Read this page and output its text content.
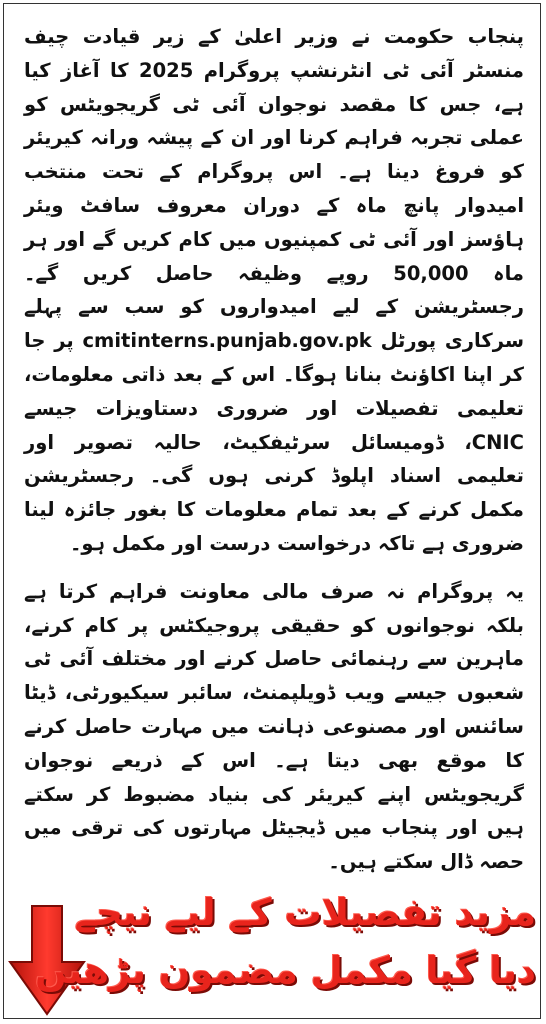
پنجاب حکومت نے وزیر اعلیٰ کے زیر قیادت چیف منسٹر آئی ٹی انٹرنشپ پروگرام 2025 کا آغاز کیا ہے، جس کا مقصد نوجوان آئی ٹی گریجویٹس کو عملی تجربہ فراہم کرنا اور ان کے پیشہ ورانہ کیریئر کو فروغ دینا ہے۔ اس پروگرام کے تحت منتخب امیدوار پانچ ماہ کے دوران معروف سافٹ ویئر ہاؤسز اور آئی ٹی کمپنیوں میں کام کریں گے اور ہر ماہ 50,000 روپے وظیفہ حاصل کریں گے۔ رجسٹریشن کے لیے امیدواروں کو سب سے پہلے سرکاری پورٹل cmitinterns.punjab.gov.pk پر جا کر اپنا اکاؤنٹ بنانا ہوگا۔ اس کے بعد ذاتی معلومات، تعلیمی تفصیلات اور ضروری دستاویزات جیسے CNIC، ڈومیسائل سرٹیفکیٹ، حالیہ تصویر اور تعلیمی اسناد اپلوڈ کرنی ہوں گی۔ رجسٹریشن مکمل کرنے کے بعد تمام معلومات کا بغور جائزہ لینا ضروری ہے تاکہ درخواست درست اور مکمل ہو۔

یہ پروگرام نہ صرف مالی معاونت فراہم کرتا ہے بلکہ نوجوانوں کو حقیقی پروجیکٹس پر کام کرنے، ماہرین سے رہنمائی حاصل کرنے اور مختلف آئی ٹی شعبوں جیسے ویب ڈویلپمنٹ، سائبر سیکیورٹی، ڈیٹا سائنس اور مصنوعی ذہانت میں مہارت حاصل کرنے کا موقع بھی دیتا ہے۔ اس کے ذریعے نوجوان گریجویٹس اپنے کیریئر کی بنیاد مضبوط کر سکتے ہیں اور پنجاب میں ڈیجیٹل مہارتوں کی ترقی میں حصہ ڈال سکتے ہیں۔

مزید تفصیلات کے لیے نیچے
دیا گیا مکمل مضمون پڑھیں
